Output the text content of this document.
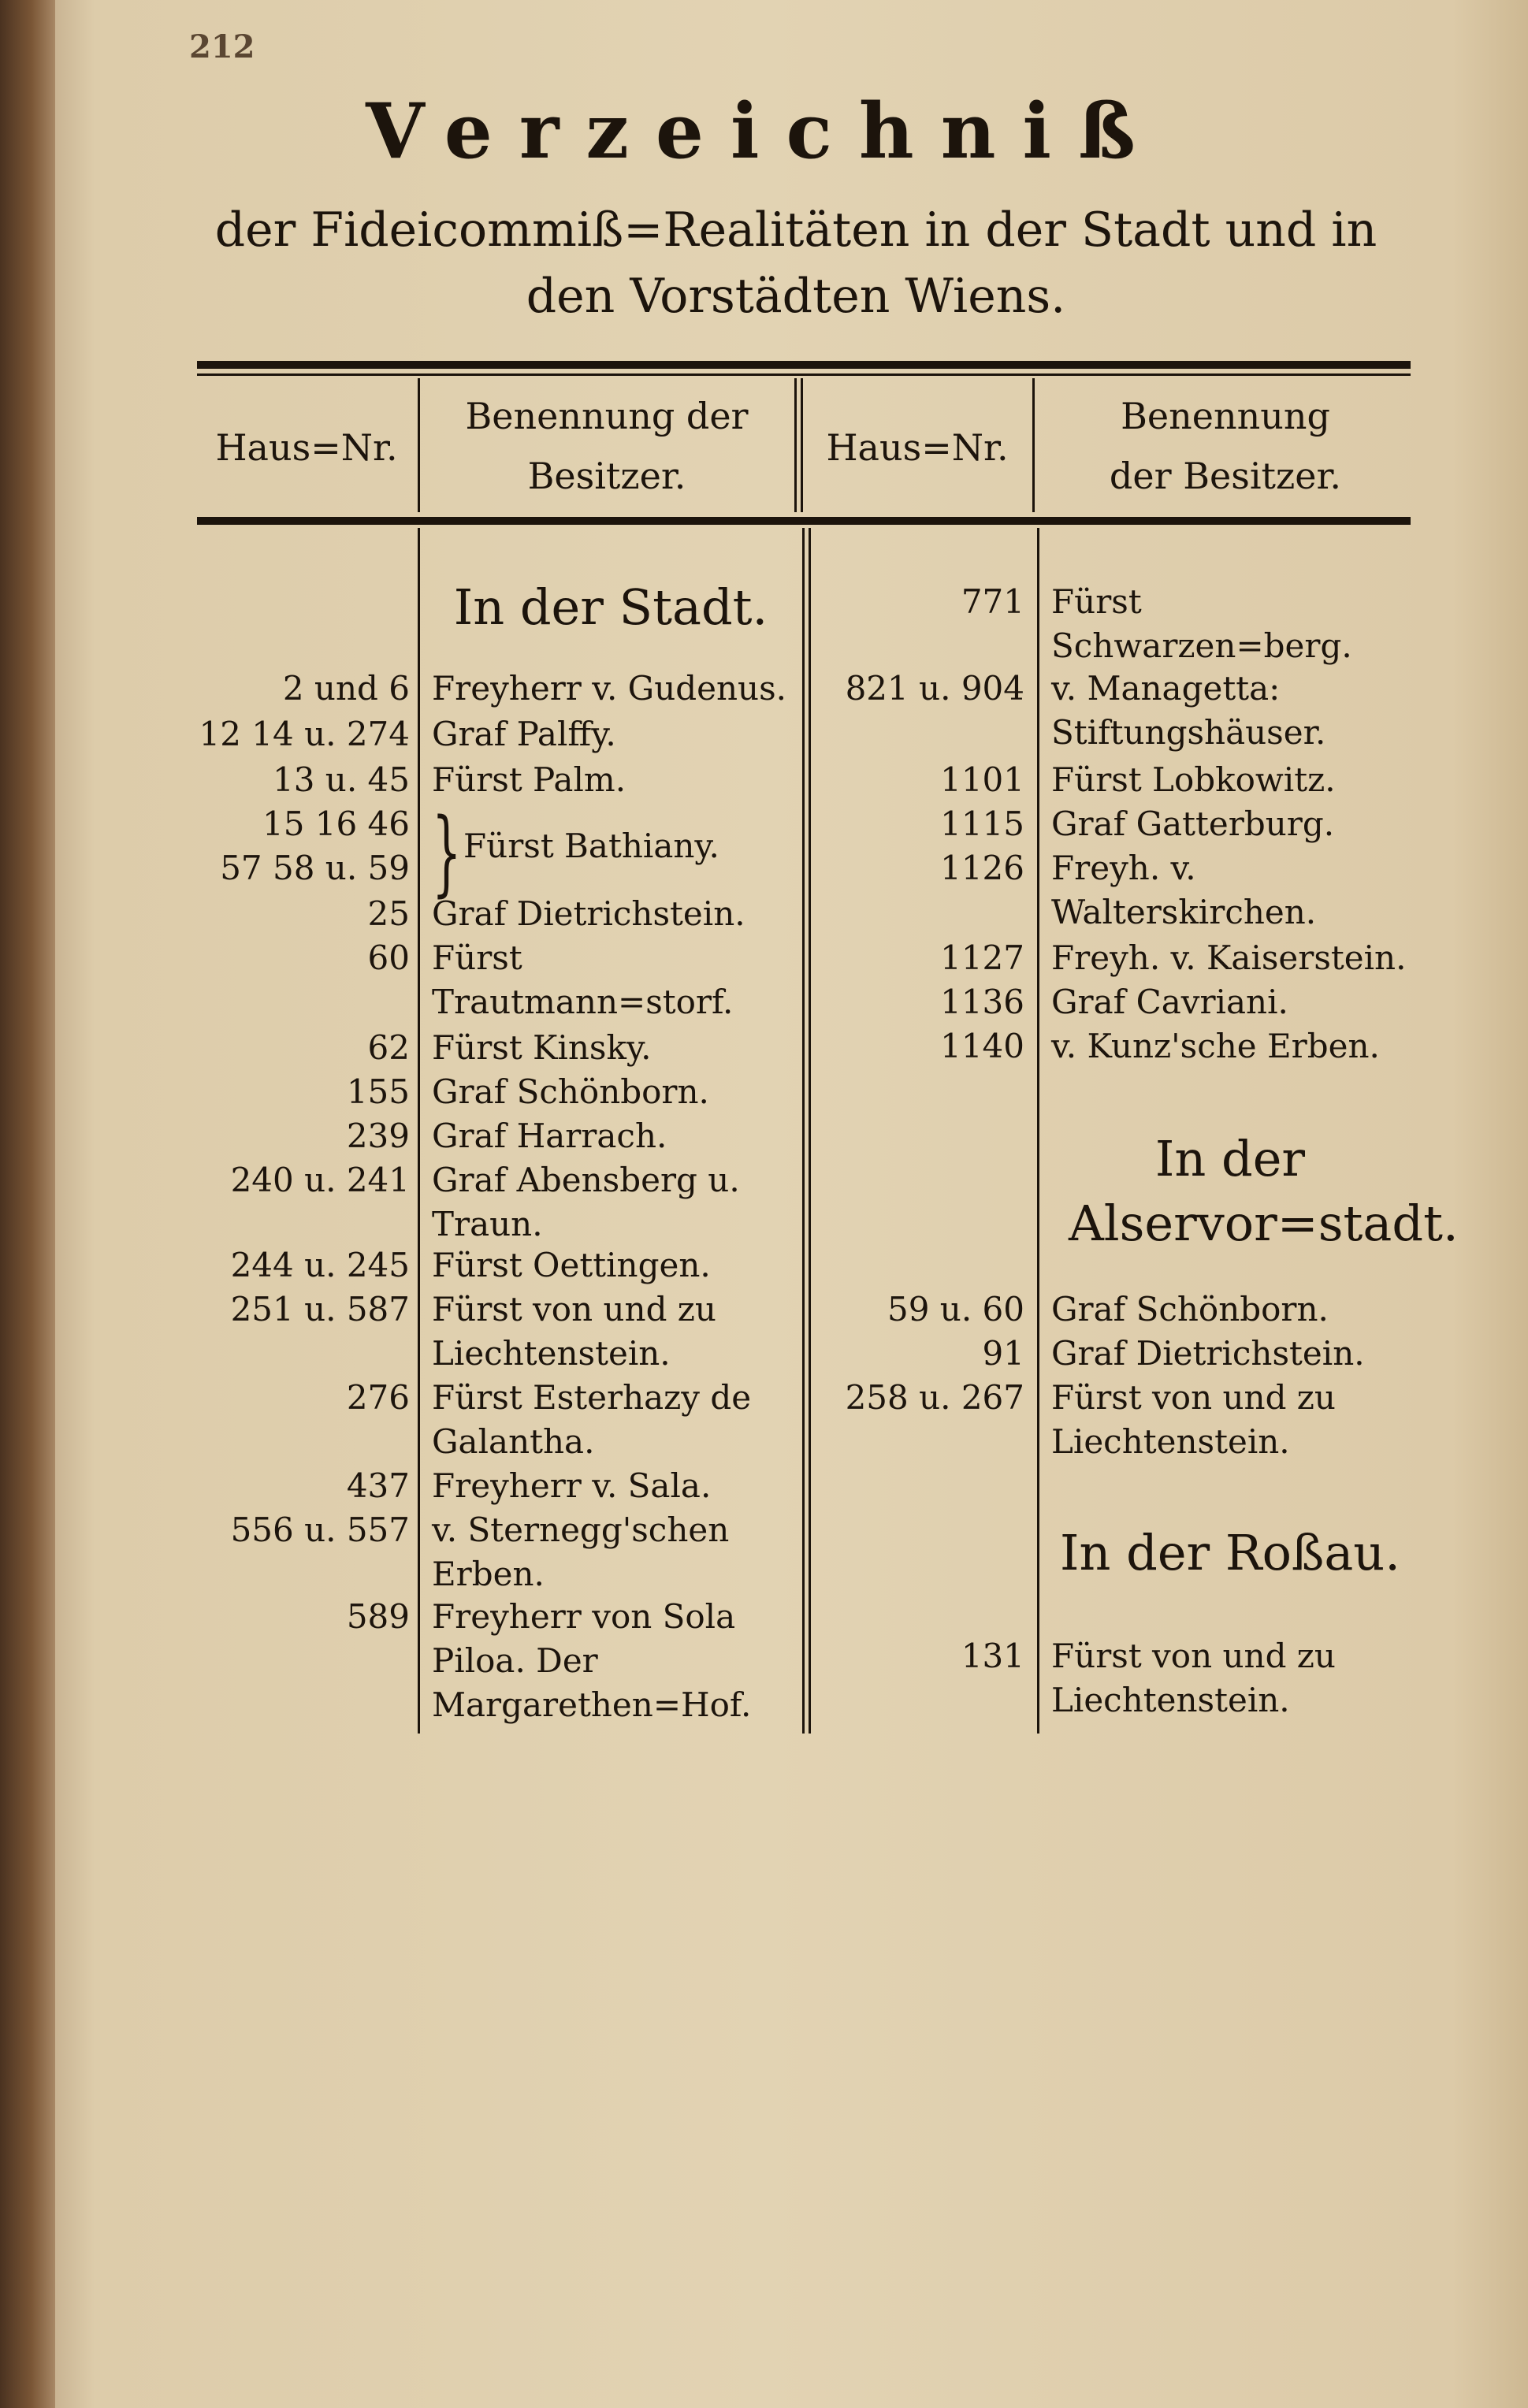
212
Verzeichniß
der Fideicommiß=Realitäten in der Stadt und in den Vorstädten Wiens.
Haus=Nr.
Benennung der Besitzer.
Haus=Nr.
Benennung der Besitzer.
In der Stadt.
In der Alservor=stadt.
In der Roßau.
2 und 6 Freyherr v. Gudenus.
12 14 u. 274 Graf Palffy.
13 u. 45 Fürst Palm.
15 16 46
57 58 u. 59 } Fürst Bathiany.
25 Graf Dietrichstein.
60 Fürst Trautmann=storf.
62 Fürst Kinsky.
155 Graf Schönborn.
239 Graf Harrach.
240 u. 241 Graf Abensberg u. Traun.
244 u. 245 Fürst Oettingen.
251 u. 587 Fürst von und zu Liechtenstein.
276 Fürst Esterhazy de Galantha.
437 Freyherr v. Sala.
556 u. 557 v. Sternegg'schen Erben.
589 Freyherr von Sola Piloa. Der Margarethen=Hof.
771 Fürst Schwarzen=berg.
821 u. 904 v. Managetta: Stiftungshäuser.
1101 Fürst Lobkowitz.
1115 Graf Gatterburg.
1126 Freyh. v. Walterskirchen.
1127 Freyh. v. Kaiserstein.
1136 Graf Cavriani.
1140 v. Kunz'sche Erben.
59 u. 60 Graf Schönborn.
91 Graf Dietrichstein.
258 u. 267 Fürst von und zu Liechtenstein.
131 Fürst von und zu Liechtenstein.
